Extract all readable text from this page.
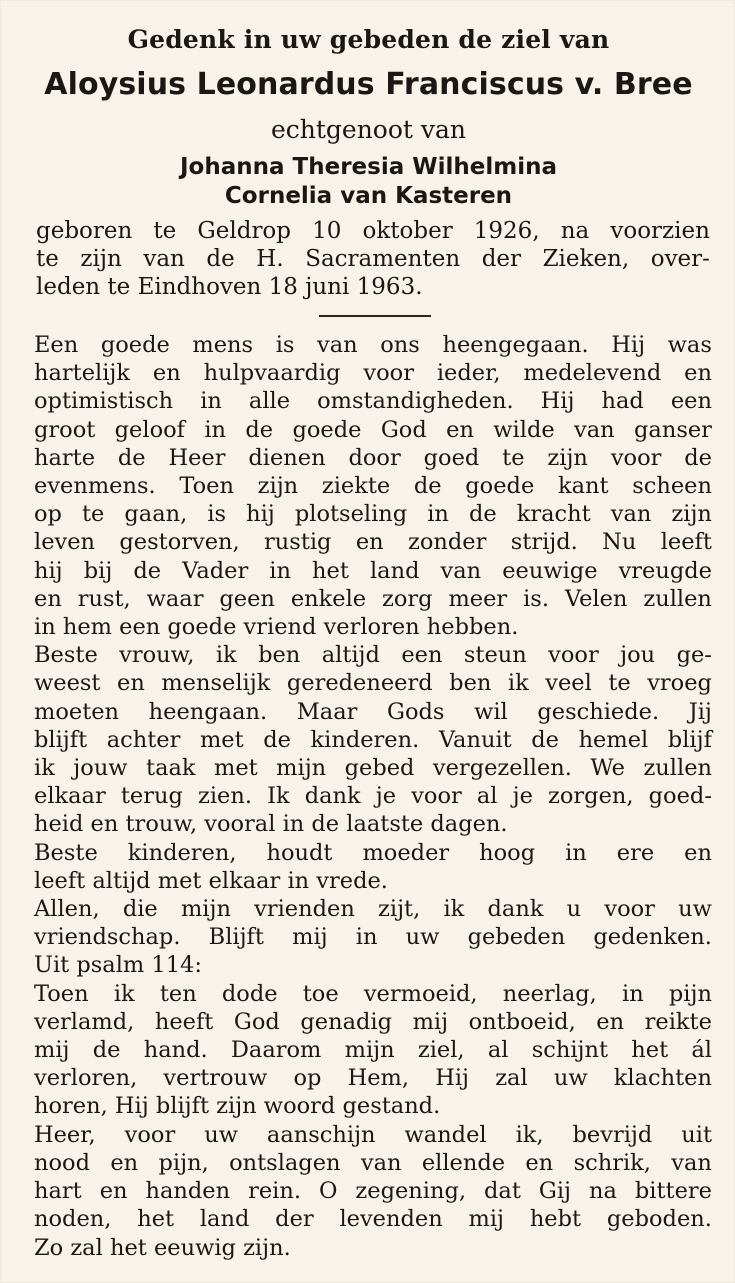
Gedenk in uw gebeden de ziel van
Aloysius Leonardus Franciscus v. Bree
echtgenoot van
Johanna Theresia Wilhelmina
Cornelia van Kasteren
geboren te Geldrop 10 oktober 1926, na voorzien
te zijn van de H. Sacramenten der Zieken, over-
leden te Eindhoven 18 juni 1963.
Een goede mens is van ons heengegaan. Hij was
hartelijk en hulpvaardig voor ieder, medelevend en
optimistisch in alle omstandigheden. Hij had een
groot geloof in de goede God en wilde van ganser
harte de Heer dienen door goed te zijn voor de
evenmens. Toen zijn ziekte de goede kant scheen
op te gaan, is hij plotseling in de kracht van zijn
leven gestorven, rustig en zonder strijd. Nu leeft
hij bij de Vader in het land van eeuwige vreugde
en rust, waar geen enkele zorg meer is. Velen zullen
in hem een goede vriend verloren hebben.
Beste vrouw, ik ben altijd een steun voor jou ge-
weest en menselijk geredeneerd ben ik veel te vroeg
moeten heengaan. Maar Gods wil geschiede. Jij
blijft achter met de kinderen. Vanuit de hemel blijf
ik jouw taak met mijn gebed vergezellen. We zullen
elkaar terug zien. Ik dank je voor al je zorgen, goed-
heid en trouw, vooral in de laatste dagen.
Beste kinderen, houdt moeder hoog in ere en
leeft altijd met elkaar in vrede.
Allen, die mijn vrienden zijt, ik dank u voor uw
vriendschap. Blijft mij in uw gebeden gedenken.
Uit psalm 114:
Toen ik ten dode toe vermoeid, neerlag, in pijn
verlamd, heeft God genadig mij ontboeid, en reikte
mij de hand. Daarom mijn ziel, al schijnt het ál
verloren, vertrouw op Hem, Hij zal uw klachten
horen, Hij blijft zijn woord gestand.
Heer, voor uw aanschijn wandel ik, bevrijd uit
nood en pijn, ontslagen van ellende en schrik, van
hart en handen rein. O zegening, dat Gij na bittere
noden, het land der levenden mij hebt geboden.
Zo zal het eeuwig zijn.
